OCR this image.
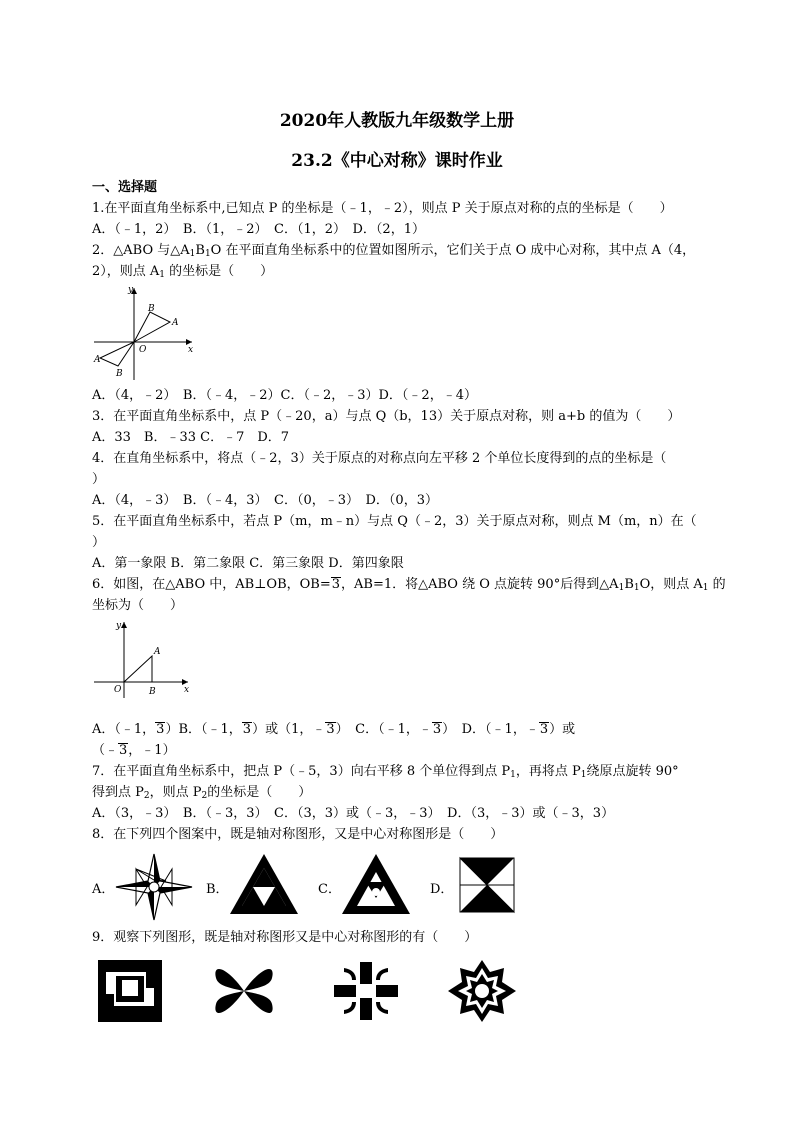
2020年人教版九年级数学上册
23.2《中心对称》课时作业
一、选择题
1.在平面直角坐标系中,已知点 P 的坐标是（﹣1，﹣2），则点 P 关于原点对称的点的坐标是（　　）
A．（﹣1，2）　B．（1，﹣2）　C．（1，2）　D．（2，1）
2．△ABO 与$\triangle A_1B_1O$ 在平面直角坐标系中的位置如图所示，它们关于点 O 成中心对称，其中点 A（4，
2），则点 $A_1$ 的坐标是（　　）
y
x
O
B
A
A
B
A．（4，﹣2）　B．（﹣4，﹣2）C．（﹣2，﹣3）D．（﹣2，﹣4）
3．在平面直角坐标系中，点 P（﹣20，a）与点 Q（b，13）关于原点对称，则 a+b 的值为（　　）
A．33　B．﹣33 C．﹣7　D．7
4．在直角坐标系中，将点（﹣2，3）关于原点的对称点向左平移 2 个单位长度得到的点的坐标是（
）
A．（4，﹣3）　B．（﹣4，3）　C．（0，﹣3）　D．（0，3）
5．在平面直角坐标系中，若点 P（m，m﹣n）与点 Q（﹣2，3）关于原点对称，则点 M（m，n）在（
）
A．第一象限 B．第二象限 C．第三象限 D．第四象限
6．如图，在△ABO 中，AB⊥OB，OB=3，AB=1．将△ABO 绕 O 点旋转 90°后得到$\triangle A_1B_1O$，则点 $A_1$ 的
坐标为（　　）
y
x
O	B
A
A．（﹣1，3）B．（﹣1，3）或（1，﹣3）　C．（﹣1，﹣3）　D．（﹣1，﹣3）或
（﹣3，﹣1）
7．在平面直角坐标系中，把点 P（﹣5，3）向右平移 8 个单位得到点 $P_1$，再将点 $P_1$绕原点旋转 90°
得到点 $P_2$，则点 $P_2$的坐标是（　　）
A．（3，﹣3）　B．（﹣3，3）　C．（3，3）或（﹣3，﹣3）　D．（3，﹣3）或（﹣3，3）
8．在下列四个图案中，既是轴对称图形，又是中心对称图形是（　　）
A．	B．	C．	D．
9．观察下列图形，既是轴对称图形又是中心对称图形的有（　　）
